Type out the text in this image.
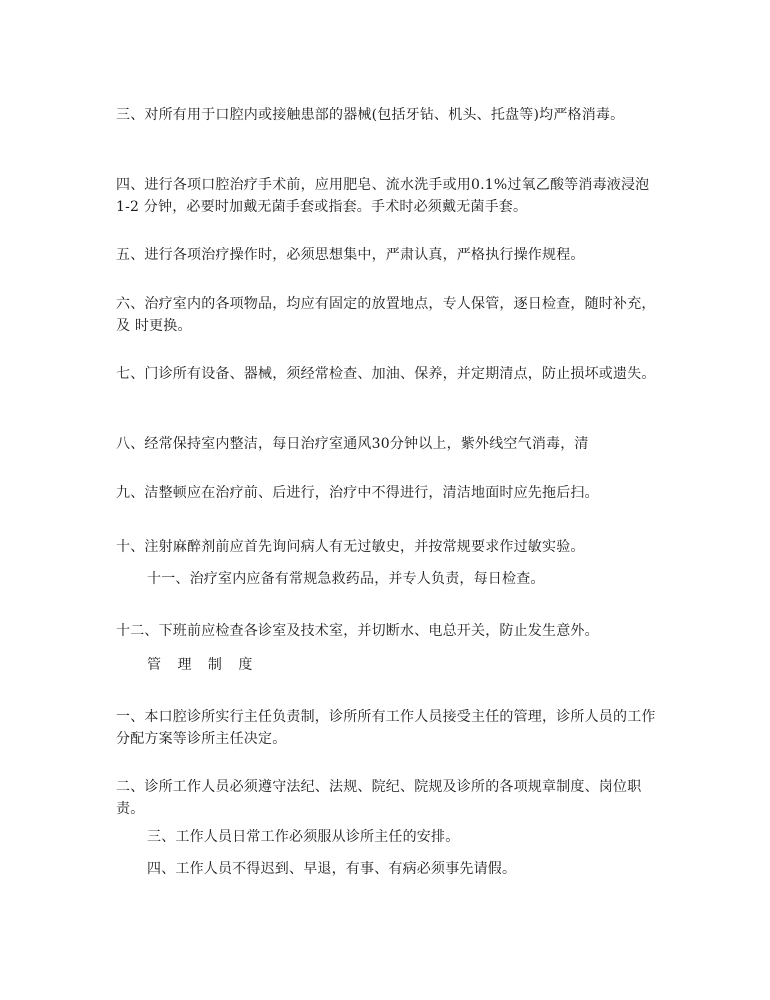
三、对所有用于口腔内或接触患部的器械(包括牙钻、机头、托盘等)均严格消毒。

四、进行各项口腔治疗手术前，应用肥皂、流水洗手或用0.1%过氧乙酸等消毒液浸泡1-2 分钟，必要时加戴无菌手套或指套。手术时必须戴无菌手套。

五、进行各项治疗操作时，必须思想集中，严肃认真，严格执行操作规程。

六、治疗室内的各项物品，均应有固定的放置地点，专人保管，逐日检查，随时补充，及 时更换。

七、门诊所有设备、器械，须经常检查、加油、保养，并定期清点，防止损坏或遗失。

八、经常保持室内整洁，每日治疗室通风30分钟以上，紫外线空气消毒，清

九、洁整顿应在治疗前、后进行，治疗中不得进行，清洁地面时应先拖后扫。

十、注射麻醉剂前应首先询问病人有无过敏史，并按常规要求作过敏实验。

十一、治疗室内应备有常规急救药品，并专人负责，每日检查。

十二、下班前应检查各诊室及技术室，并切断水、电总开关，防止发生意外。

管 理 制 度

一、本口腔诊所实行主任负责制，诊所所有工作人员接受主任的管理，诊所人员的工作分配方案等诊所主任决定。

二、诊所工作人员必须遵守法纪、法规、院纪、院规及诊所的各项规章制度、岗位职责。

三、工作人员日常工作必须服从诊所主任的安排。

四、工作人员不得迟到、早退，有事、有病必须事先请假。
